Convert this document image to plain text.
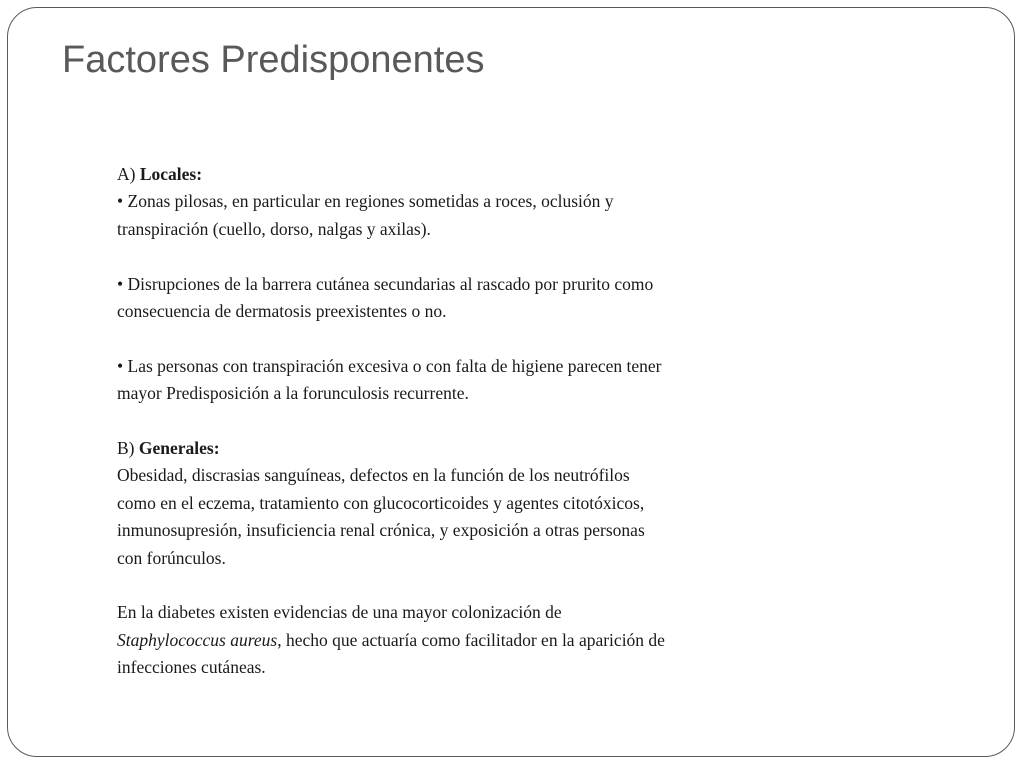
Factores Predisponentes

A) Locales:

• Zonas pilosas, en particular en regiones sometidas a roces, oclusión y

transpiración (cuello, dorso, nalgas y axilas).

• Disrupciones de la barrera cutánea secundarias al rascado por prurito como

consecuencia de dermatosis preexistentes o no.

• Las personas con transpiración excesiva o con falta de higiene parecen tener

mayor Predisposición a la forunculosis recurrente.

B) Generales:

Obesidad, discrasias sanguíneas, defectos en la función de los neutrófilos

como en el eczema, tratamiento con glucocorticoides y agentes citotóxicos,

inmunosupresión, insuficiencia renal crónica, y exposición a otras personas

con forúnculos.

En la diabetes existen evidencias de una mayor colonización de

Staphylococcus aureus, hecho que actuaría como facilitador en la aparición de

infecciones cutáneas.
